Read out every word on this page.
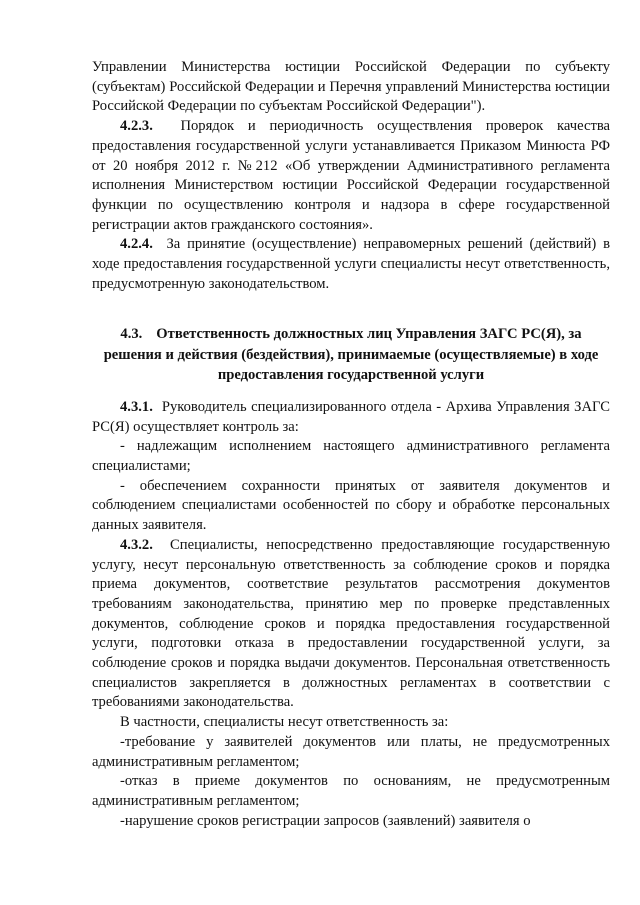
Управлении Министерства юстиции Российской Федерации по субъекту (субъектам) Российской Федерации и Перечня управлений Министерства юстиции Российской Федерации по субъектам Российской Федерации").

4.2.3. Порядок и периодичность осуществления проверок качества предоставления государственной услуги устанавливается Приказом Минюста РФ от 20 ноября 2012 г. №212 «Об утверждении Административного регламента исполнения Министерством юстиции Российской Федерации государственной функции по осуществлению контроля и надзора в сфере государственной регистрации актов гражданского состояния».

4.2.4. За принятие (осуществление) неправомерных решений (действий) в ходе предоставления государственной услуги специалисты несут ответственность, предусмотренную законодательством.

4.3. Ответственность должностных лиц Управления ЗАГС РС(Я), за решения и действия (бездействия), принимаемые (осуществляемые) в ходе предоставления государственной услуги

4.3.1. Руководитель специализированного отдела - Архива Управления ЗАГС РС(Я) осуществляет контроль за:

- надлежащим исполнением настоящего административного регламента специалистами;

- обеспечением сохранности принятых от заявителя документов и соблюдением специалистами особенностей по сбору и обработке персональных данных заявителя.

4.3.2. Специалисты, непосредственно предоставляющие государственную услугу, несут персональную ответственность за соблюдение сроков и порядка приема документов, соответствие результатов рассмотрения документов требованиям законодательства, принятию мер по проверке представленных документов, соблюдение сроков и порядка предоставления государственной услуги, подготовки отказа в предоставлении государственной услуги, за соблюдение сроков и порядка выдачи документов. Персональная ответственность специалистов закрепляется в должностных регламентах в соответствии с требованиями законодательства.

В частности, специалисты несут ответственность за:

-требование у заявителей документов или платы, не предусмотренных административным регламентом;

-отказ в приеме документов по основаниям, не предусмотренным административным регламентом;

-нарушение сроков регистрации запросов (заявлений) заявителя о
